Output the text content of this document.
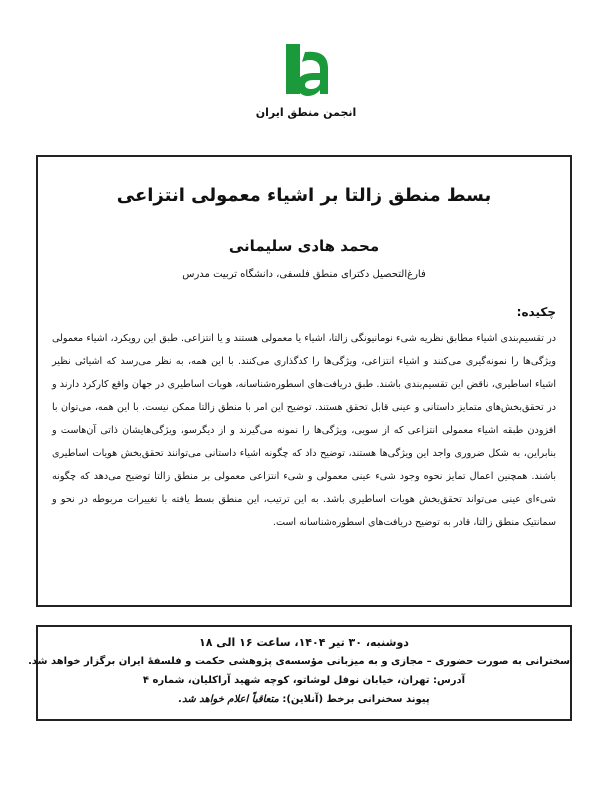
انجمن منطق ایران
بسط منطق زالتا بر اشیاء معمولی انتزاعی
محمد هادی سلیمانی
فارغ‌التحصیل دکترای منطق فلسفی، دانشگاه تربیت مدرس
چکیده:
در تقسیم‌بندی اشیاء مطابق نظریه شیء نومانیونگی زالتا، اشیاء یا معمولی هستند و یا انتزاعی. طبق این رویکرد، اشیاء معمولی ویژگی‌ها را نمونه‌گیری می‌کنند و اشیاء انتزاعی، ویژگی‌ها را کدگذاری می‌کنند. با این همه، به نظر می‌رسد که اشیائی نظیر اشیاء اساطیری، ناقض این تقسیم‌بندی باشند. طبق دریافت‌های اسطوره‌شناسانه، هویات اساطیری در جهان واقع کارکرد دارند و در تحقق‌بخش‌های متمایز داستانی و عینی قابل تحقق هستند. توضیح این امر با منطق زالتا ممکن نیست. با این همه، می‌توان با افزودن طبقه اشیاء معمولی انتزاعی که از سویی، ویژگی‌ها را نمونه می‌گیرند و از دیگرسو، ویژگی‌هایشان ذاتی آن‌هاست و بنابراین، به شکل ضروری واجد این ویژگی‌ها هستند، توضیح داد که چگونه اشیاء داستانی می‌توانند تحقق‌بخش هویات اساطیری باشند. همچنین اعمال تمایز نحوه وجود شیء عینی معمولی و شیء انتزاعی معمولی بر منطق زالتا توضیح می‌دهد که چگونه شیء‌ای عینی می‌تواند تحقق‌بخش هویات اساطیری باشد. به این ترتیب، این منطق بسط یافته با تغییرات مربوطه در نحو و سمانتیک منطق زالتا، قادر به توضیح دریافت‌های اسطوره‌شناسانه است.
دوشنبه، ۳۰ تیر ۱۴۰۴، ساعت ۱۶ الی ۱۸
سخنرانی به صورت حضوری – مجازی و به میزبانی مؤسسه‌ی پژوهشی حکمت و فلسفۀ ایران برگزار خواهد شد.
آدرس: تهران، خیابان نوفل لوشاتو، کوچه شهید آراکلیان، شماره ۴
پیوند سخنرانی برخط (آنلاین): متعاقباً اعلام خواهد شد.
